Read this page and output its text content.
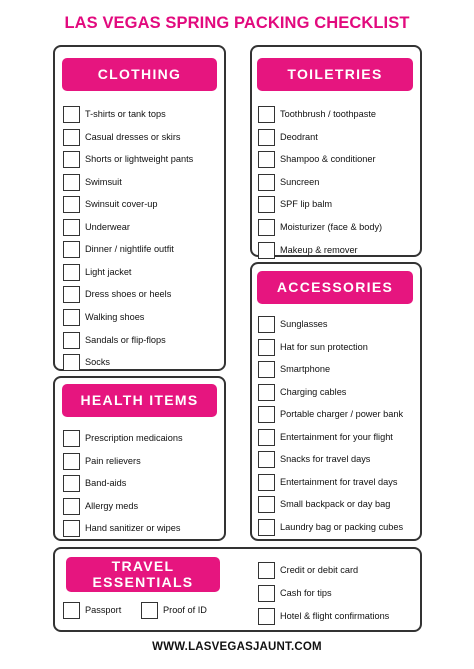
LAS VEGAS SPRING PACKING CHECKLIST
CLOTHING
T-shirts or tank tops
Casual dresses or skirs
Shorts or lightweight pants
Swimsuit
Swinsuit cover-up
Underwear
Dinner / nightlife outfit
Light jacket
Dress shoes or heels
Walking shoes
Sandals or flip-flops
Socks
TOILETRIES
Toothbrush / toothpaste
Deodrant
Shampoo & conditioner
Suncreen
SPF lip balm
Moisturizer (face & body)
Makeup & remover
ACCESSORIES
Sunglasses
Hat for sun protection
Smartphone
Charging cables
Portable charger / power bank
Entertainment for your flight
Snacks for travel days
Entertainment for travel days
Small backpack or day bag
Laundry bag or packing cubes
HEALTH ITEMS
Prescription medicaions
Pain relievers
Band-aids
Allergy meds
Hand sanitizer or wipes
TRAVEL
ESSENTIALS
Passport	Proof of ID
Credit or debit card
Cash for tips
Hotel & flight confirmations
WWW.LASVEGASJAUNT.COM
